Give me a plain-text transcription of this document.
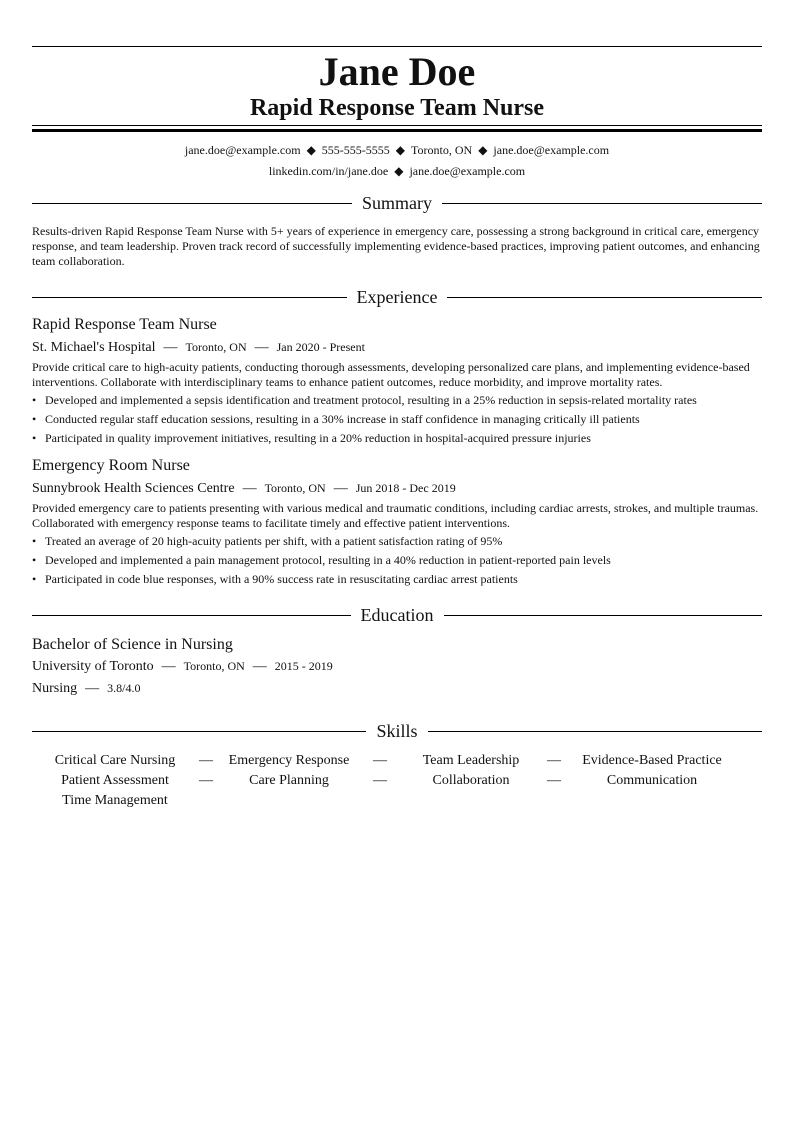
Jane Doe
Rapid Response Team Nurse
jane.doe@example.com ◆ 555-555-5555 ◆ Toronto, ON ◆ jane.doe@example.com
linkedin.com/in/jane.doe ◆ jane.doe@example.com
Summary
Results-driven Rapid Response Team Nurse with 5+ years of experience in emergency care, possessing a strong background in critical care, emergency response, and team leadership. Proven track record of successfully implementing evidence-based practices, improving patient outcomes, and enhancing team collaboration.
Experience
Rapid Response Team Nurse
St. Michael's Hospital — Toronto, ON — Jan 2020 - Present
Provide critical care to high-acuity patients, conducting thorough assessments, developing personalized care plans, and implementing evidence-based interventions. Collaborate with interdisciplinary teams to enhance patient outcomes, reduce morbidity, and improve mortality rates.
• Developed and implemented a sepsis identification and treatment protocol, resulting in a 25% reduction in sepsis-related mortality rates
• Conducted regular staff education sessions, resulting in a 30% increase in staff confidence in managing critically ill patients
• Participated in quality improvement initiatives, resulting in a 20% reduction in hospital-acquired pressure injuries
Emergency Room Nurse
Sunnybrook Health Sciences Centre — Toronto, ON — Jun 2018 - Dec 2019
Provided emergency care to patients presenting with various medical and traumatic conditions, including cardiac arrests, strokes, and multiple traumas. Collaborated with emergency response teams to facilitate timely and effective patient interventions.
• Treated an average of 20 high-acuity patients per shift, with a patient satisfaction rating of 95%
• Developed and implemented a pain management protocol, resulting in a 40% reduction in patient-reported pain levels
• Participated in code blue responses, with a 90% success rate in resuscitating cardiac arrest patients
Education
Bachelor of Science in Nursing
University of Toronto — Toronto, ON — 2015 - 2019
Nursing — 3.8/4.0
Skills
Critical Care Nursing	—	Emergency Response	—	Team Leadership	—	Evidence-Based Practice
Patient Assessment	—	Care Planning	—	Collaboration	—	Communication
Time Management
